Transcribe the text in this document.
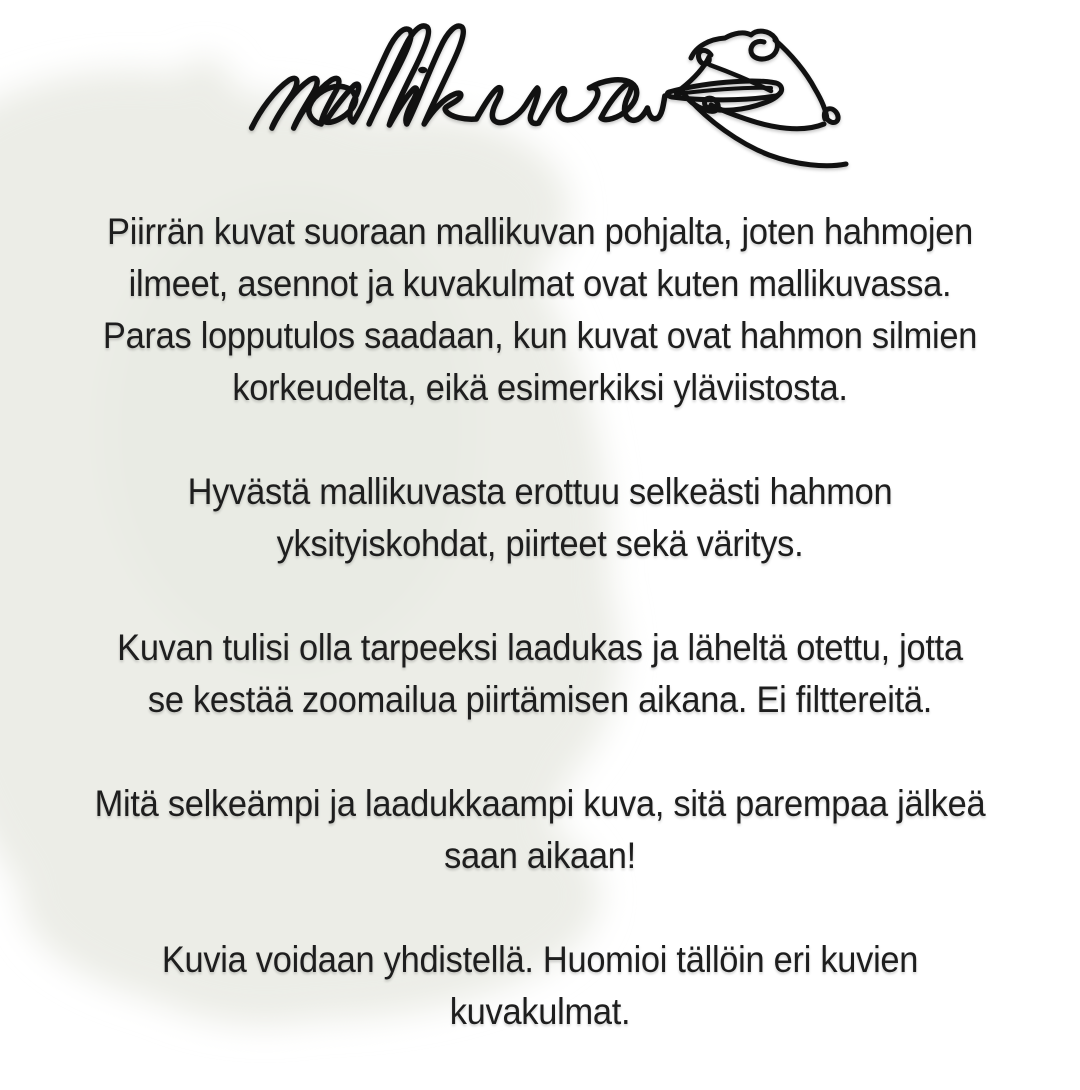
Piirrän kuvat suoraan mallikuvan pohjalta, joten hahmojen
ilmeet, asennot ja kuvakulmat ovat kuten mallikuvassa.
Paras lopputulos saadaan, kun kuvat ovat hahmon silmien
korkeudelta, eikä esimerkiksi yläviistosta.

Hyvästä mallikuvasta erottuu selkeästi hahmon
yksityiskohdat, piirteet sekä väritys.

Kuvan tulisi olla tarpeeksi laadukas ja läheltä otettu, jotta
se kestää zoomailua piirtämisen aikana. Ei filttereitä.

Mitä selkeämpi ja laadukkaampi kuva, sitä parempaa jälkeä
saan aikaan!

Kuvia voidaan yhdistellä. Huomioi tällöin eri kuvien
kuvakulmat.
